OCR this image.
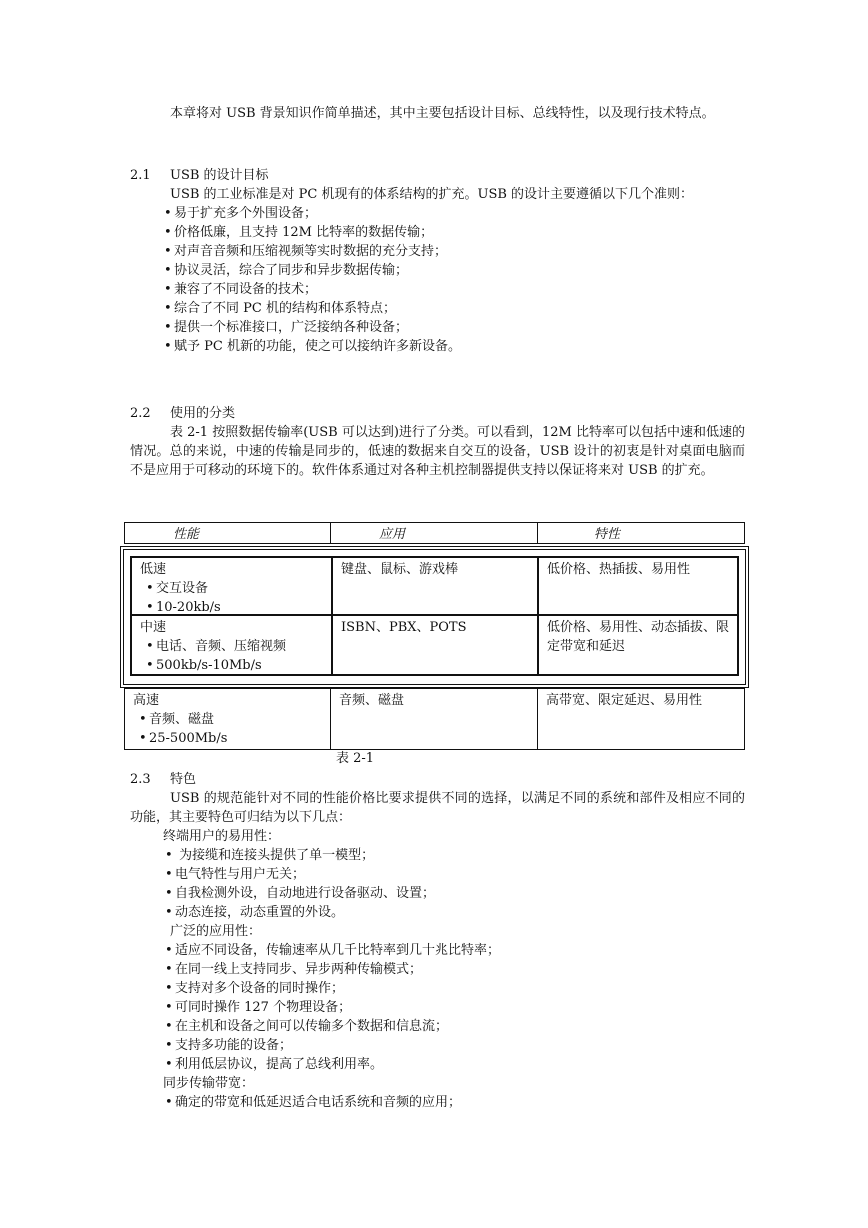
本章将对 USB 背景知识作简单描述，其中主要包括设计目标、总线特性，以及现行技术特点。

2.1 USB 的设计目标

USB 的工业标准是对 PC 机现有的体系结构的扩充。USB 的设计主要遵循以下几个准则：

• 易于扩充多个外围设备；
• 价格低廉，且支持 12M 比特率的数据传输；
• 对声音音频和压缩视频等实时数据的充分支持；
• 协议灵活，综合了同步和异步数据传输；
• 兼容了不同设备的技术；
• 综合了不同 PC 机的结构和体系特点；
• 提供一个标准接口，广泛接纳各种设备；
• 赋予 PC 机新的功能，使之可以接纳许多新设备。

2.2 使用的分类

表 2-1 按照数据传输率(USB 可以达到)进行了分类。可以看到，12M 比特率可以包括中速和低速的情况。总的来说，中速的传输是同步的，低速的数据来自交互的设备，USB 设计的初衷是针对桌面电脑而不是应用于可移动的环境下的。软件体系通过对各种主机控制器提供支持以保证将来对 USB 的扩充。

性能	应用	特性
低速
• 交互设备
• 10-20kb/s
键盘、鼠标、游戏棒	低价格、热插拔、易用性
中速
• 电话、音频、压缩视频
• 500kb/s-10Mb/s
ISBN、PBX、POTS	低价格、易用性、动态插拔、限定带宽和延迟
高速
• 音频、磁盘
• 25-500Mb/s
音频、磁盘	高带宽、限定延迟、易用性
表 2-1

2.3 特色

USB 的规范能针对不同的性能价格比要求提供不同的选择，以满足不同的系统和部件及相应不同的功能，其主要特色可归结为以下几点：

终端用户的易用性：

• 为接缆和连接头提供了单一模型；
• 电气特性与用户无关；
• 自我检测外设，自动地进行设备驱动、设置；
• 动态连接，动态重置的外设。

广泛的应用性：

• 适应不同设备，传输速率从几千比特率到几十兆比特率；
• 在同一线上支持同步、异步两种传输模式；
• 支持对多个设备的同时操作；
• 可同时操作 127 个物理设备；
• 在主机和设备之间可以传输多个数据和信息流；
• 支持多功能的设备；
• 利用低层协议，提高了总线利用率。

同步传输带宽：

• 确定的带宽和低延迟适合电话系统和音频的应用；
